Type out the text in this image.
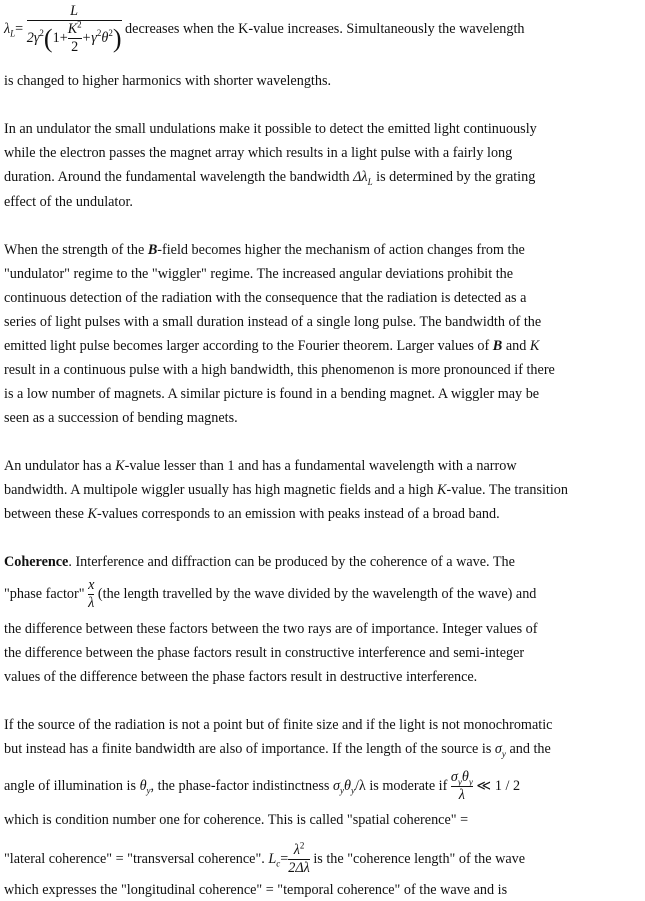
$\lambda_L= \frac{L}{2\gamma^2(1+ \frac{K^2}{2} +\gamma^2\theta^2)}$ decreases when the K-value increases. Simultaneously the wavelength
is changed to higher harmonics with shorter wavelengths.
In an undulator the small undulations make it possible to detect the emitted light continuously
while the electron passes the magnet array which results in a light pulse with a fairly long
duration. Around the fundamental wavelength the bandwidth $\Delta\lambda_L$ is determined by the grating
effect of the undulator.
When the strength of the B-field becomes higher the mechanism of action changes from the
"undulator" regime to the "wiggler" regime. The increased angular deviations prohibit the
continuous detection of the radiation with the consequence that the radiation is detected as a
series of light pulses with a small duration instead of a single long pulse. The bandwidth of the
emitted light pulse becomes larger according to the Fourier theorem. Larger values of B and K
result in a continuous pulse with a high bandwidth, this phenomenon is more pronounced if there
is a low number of magnets. A similar picture is found in a bending magnet. A wiggler may be
seen as a succession of bending magnets.
An undulator has a K-value lesser than 1 and has a fundamental wavelength with a narrow
bandwidth. A multipole wiggler usually has high magnetic fields and a high K-value. The transition
between these K-values corresponds to an emission with peaks instead of a broad band.
Coherence. Interference and diffraction can be produced by the coherence of a wave. The
"phase factor" $\frac{x}{\lambda} (the$ length travelled by the wave divided by the wavelength of the wave) and
the difference between these factors between the two rays are of importance. Integer values of
the difference between the phase factors result in constructive interference and semi-integer
values of the difference between the phase factors result in destructive interference.
If the source of the radiation is not a point but of finite size and if the light is not monochromatic
but instead has a finite bandwidth are also of importance. If the length of the source is $\sigma_y$ and the
angle of illumination is $\theta_y$, the phase-factor indistinctness $\sigma_y\theta_y/\lambda$ is moderate if $\frac{\sigma_y\theta_y}{\lambda}$ ≪ 1 / 2
which is condition number one for coherence. This is called "spatial coherence" =
"lateral coherence" = "transversal coherence". $L_c= \frac{\lambda^2}{2\Delta\lambda}$ is the "coherence length" of the wave
which expresses the "longitudinal coherence" = "temporal coherence" of the wave and is
